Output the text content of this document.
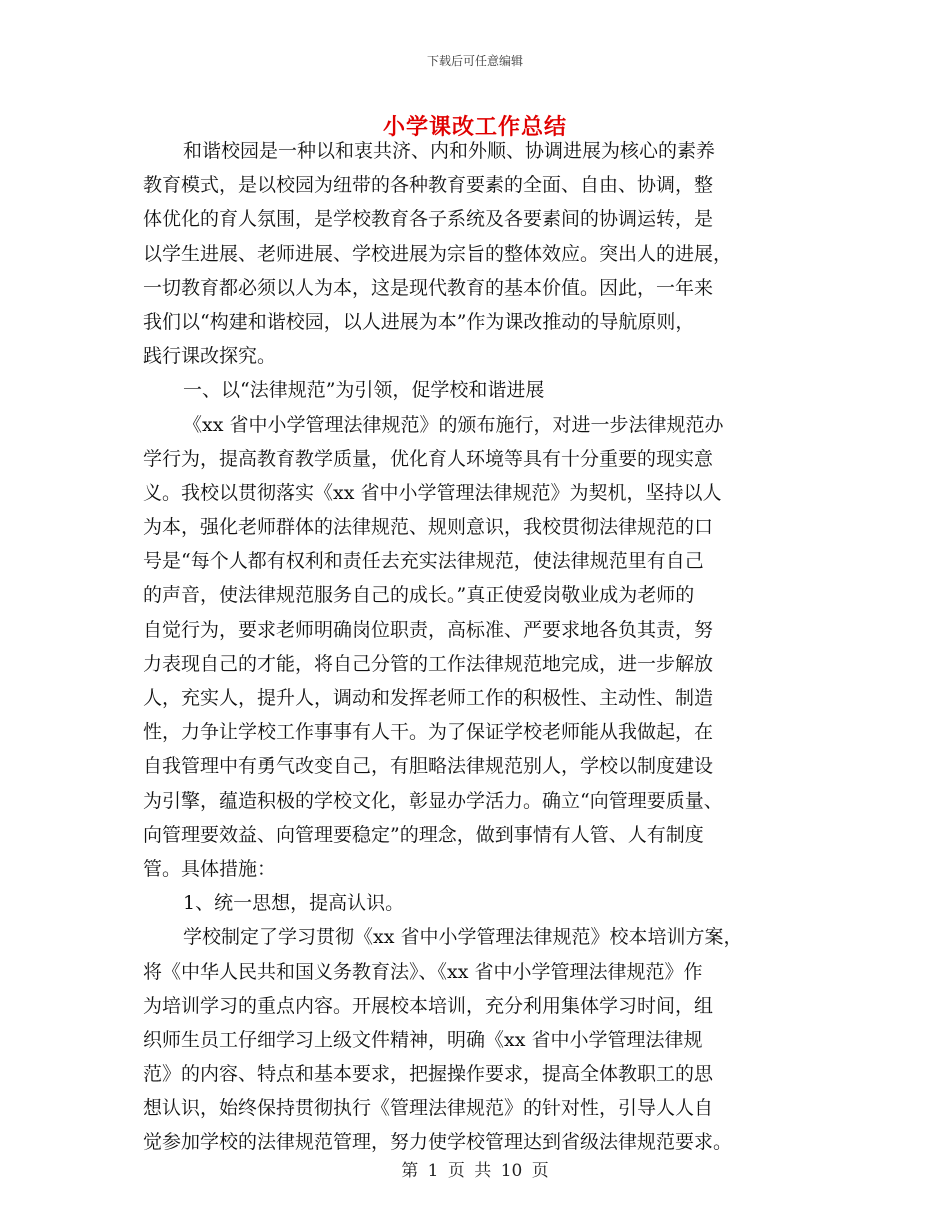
下载后可任意编辑
小学课改工作总结
和谐校园是一种以和衷共济、内和外顺、协调进展为核心的素养
教育模式，是以校园为纽带的各种教育要素的全面、自由、协调，整
体优化的育人氛围，是学校教育各子系统及各要素间的协调运转，是
以学生进展、老师进展、学校进展为宗旨的整体效应。突出人的进展，
一切教育都必须以人为本，这是现代教育的基本价值。因此，一年来
我们以“构建和谐校园，以人进展为本”作为课改推动的导航原则，
践行课改探究。
一、以“法律规范”为引领，促学校和谐进展
《xx 省中小学管理法律规范》的颁布施行，对进一步法律规范办
学行为，提高教育教学质量，优化育人环境等具有十分重要的现实意
义。我校以贯彻落实《xx 省中小学管理法律规范》为契机，坚持以人
为本，强化老师群体的法律规范、规则意识，我校贯彻法律规范的口
号是“每个人都有权利和责任去充实法律规范，使法律规范里有自己
的声音，使法律规范服务自己的成长。”真正使爱岗敬业成为老师的
自觉行为，要求老师明确岗位职责，高标准、严要求地各负其责，努
力表现自己的才能，将自己分管的工作法律规范地完成，进一步解放
人，充实人，提升人，调动和发挥老师工作的积极性、主动性、制造
性，力争让学校工作事事有人干。为了保证学校老师能从我做起，在
自我管理中有勇气改变自己，有胆略法律规范别人，学校以制度建设
为引擎，蕴造积极的学校文化，彰显办学活力。确立“向管理要质量、
向管理要效益、向管理要稳定”的理念，做到事情有人管、人有制度
管。具体措施：
1、统一思想，提高认识。
学校制定了学习贯彻《xx 省中小学管理法律规范》校本培训方案，
将《中华人民共和国义务教育法》、《xx 省中小学管理法律规范》作
为培训学习的重点内容。开展校本培训，充分利用集体学习时间，组
织师生员工仔细学习上级文件精神，明确《xx 省中小学管理法律规
范》的内容、特点和基本要求，把握操作要求，提高全体教职工的思
想认识，始终保持贯彻执行《管理法律规范》的针对性，引导人人自
觉参加学校的法律规范管理，努力使学校管理达到省级法律规范要求。
第 1 页 共 10 页
